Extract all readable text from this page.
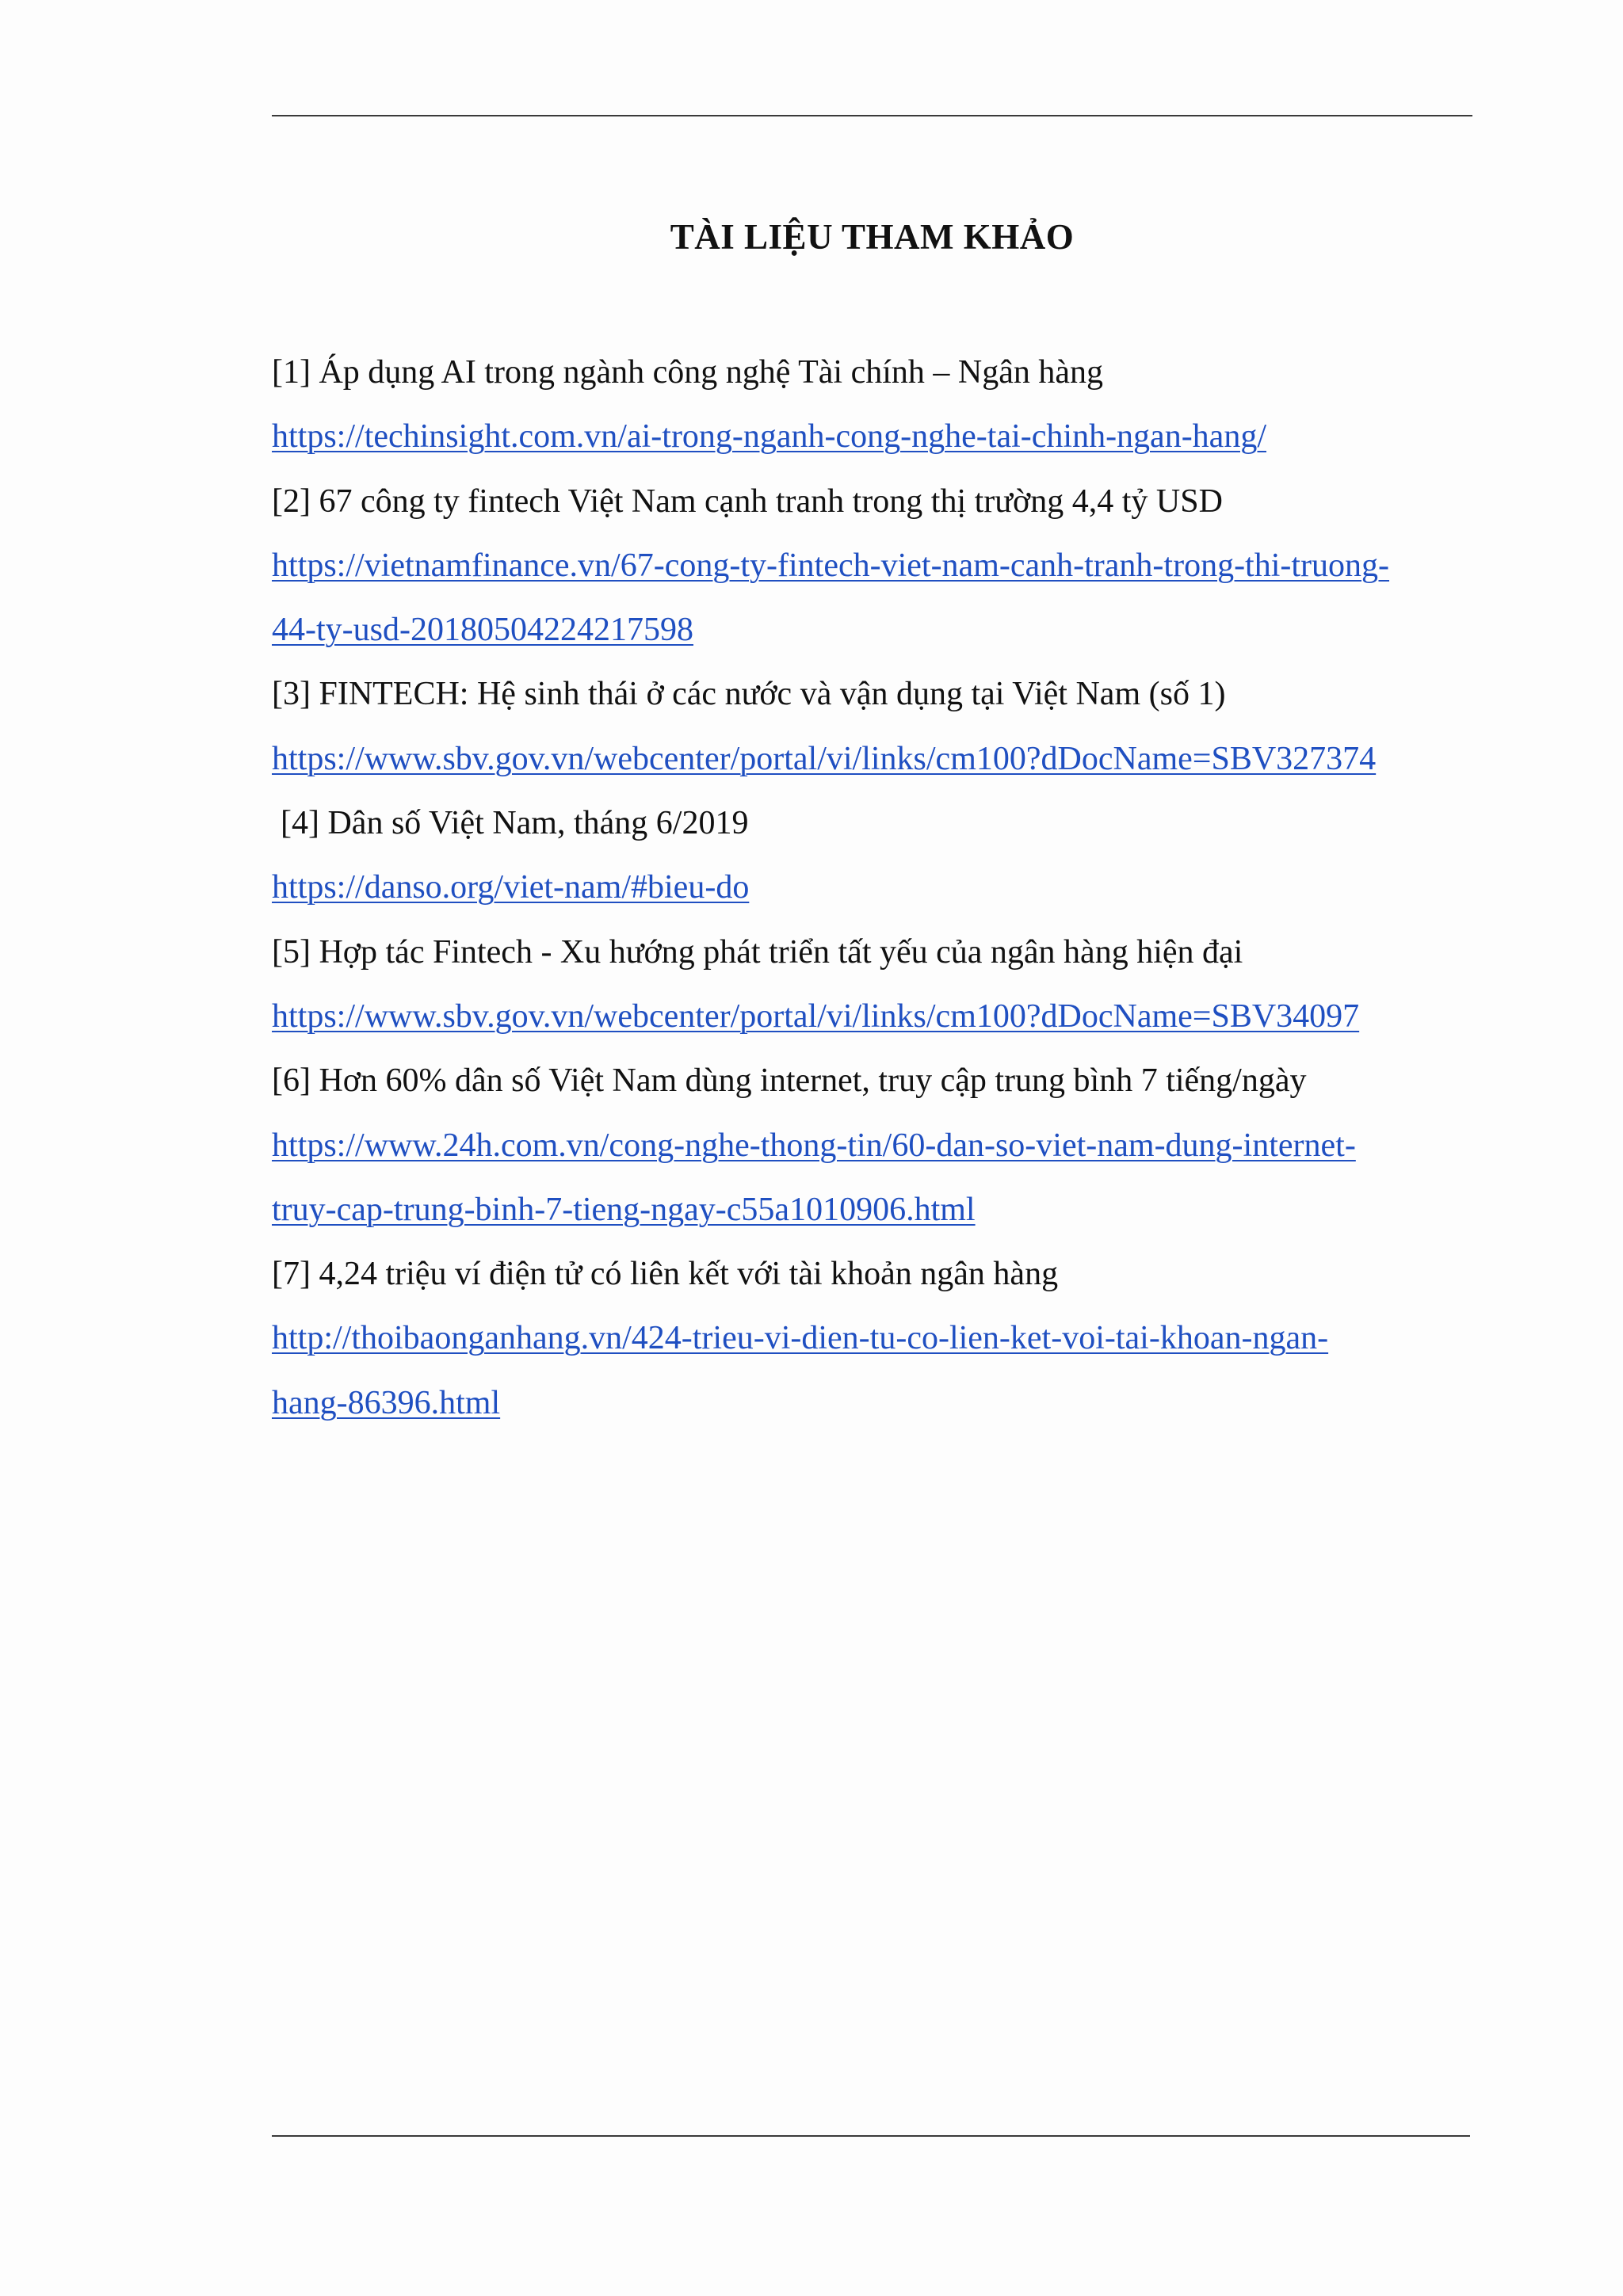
TÀI LIỆU THAM KHẢO
[1] Áp dụng AI trong ngành công nghệ Tài chính – Ngân hàng
https://techinsight.com.vn/ai-trong-nganh-cong-nghe-tai-chinh-ngan-hang/
[2] 67 công ty fintech Việt Nam cạnh tranh trong thị trường 4,4 tỷ USD
https://vietnamfinance.vn/67-cong-ty-fintech-viet-nam-canh-tranh-trong-thi-truong-
44-ty-usd-20180504224217598
[3] FINTECH: Hệ sinh thái ở các nước và vận dụng tại Việt Nam (số 1)
https://www.sbv.gov.vn/webcenter/portal/vi/links/cm100?dDocName=SBV327374
[4] Dân số Việt Nam, tháng 6/2019
https://danso.org/viet-nam/#bieu-do
[5] Hợp tác Fintech - Xu hướng phát triển tất yếu của ngân hàng hiện đại
https://www.sbv.gov.vn/webcenter/portal/vi/links/cm100?dDocName=SBV34097
[6] Hơn 60% dân số Việt Nam dùng internet, truy cập trung bình 7 tiếng/ngày
https://www.24h.com.vn/cong-nghe-thong-tin/60-dan-so-viet-nam-dung-internet-
truy-cap-trung-binh-7-tieng-ngay-c55a1010906.html
[7] 4,24 triệu ví điện tử có liên kết với tài khoản ngân hàng
http://thoibaonganhang.vn/424-trieu-vi-dien-tu-co-lien-ket-voi-tai-khoan-ngan-
hang-86396.html
